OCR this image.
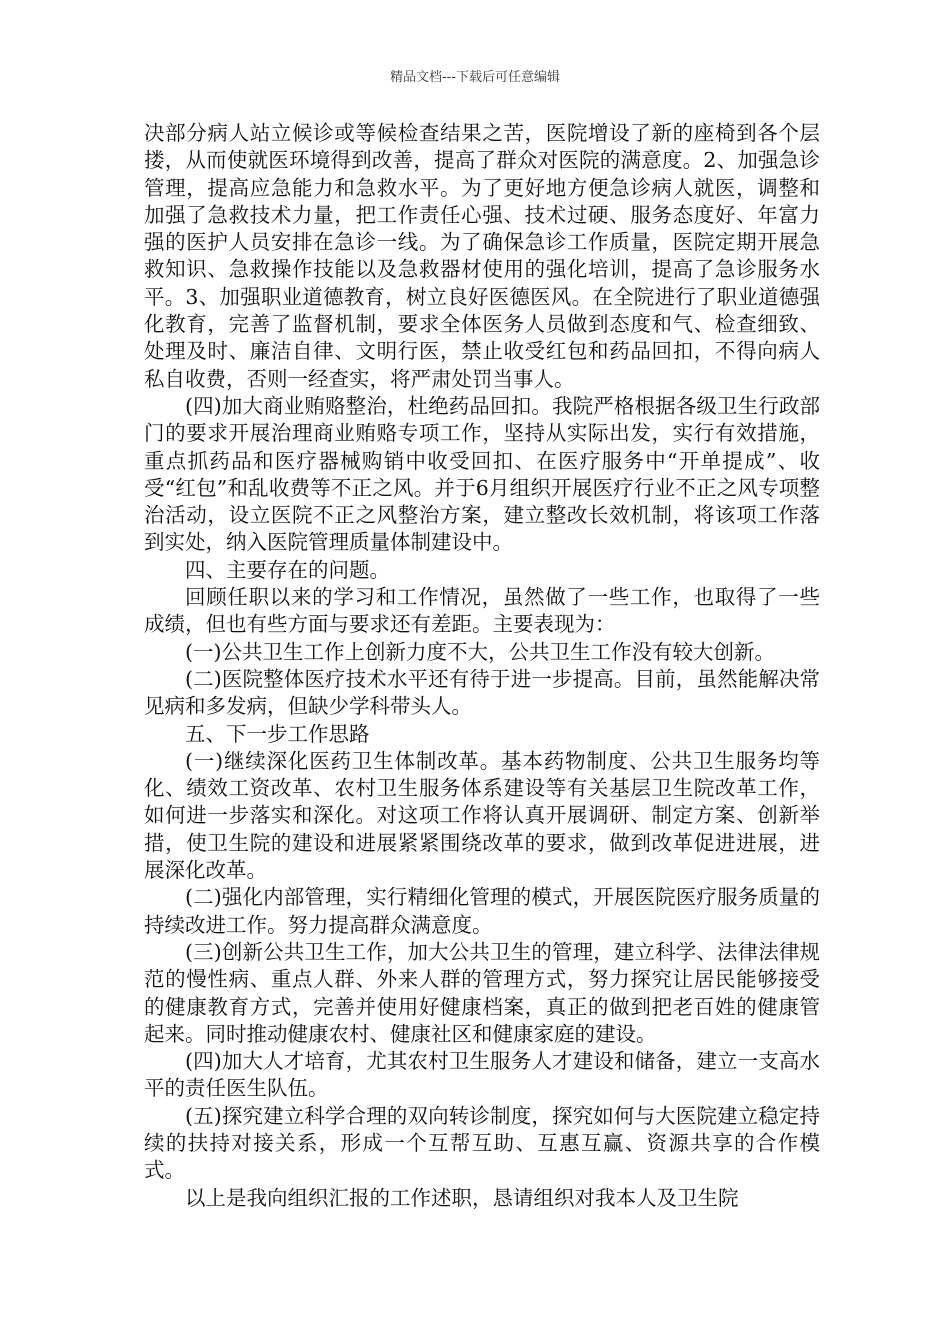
精品文档---下载后可任意编辑

决部分病人站立候诊或等候检查结果之苦，医院增设了新的座椅到各个层搂，从而使就医环境得到改善，提高了群众对医院的满意度。2、加强急诊管理，提高应急能力和急救水平。为了更好地方便急诊病人就医，调整和加强了急救技术力量，把工作责任心强、技术过硬、服务态度好、年富力强的医护人员安排在急诊一线。为了确保急诊工作质量，医院定期开展急救知识、急救操作技能以及急救器材使用的强化培训，提高了急诊服务水平。3、加强职业道德教育，树立良好医德医风。在全院进行了职业道德强化教育，完善了监督机制，要求全体医务人员做到态度和气、检查细致、处理及时、廉洁自律、文明行医，禁止收受红包和药品回扣，不得向病人私自收费，否则一经查实，将严肃处罚当事人。

(四)加大商业贿赂整治，杜绝药品回扣。我院严格根据各级卫生行政部门的要求开展治理商业贿赂专项工作，坚持从实际出发，实行有效措施，重点抓药品和医疗器械购销中收受回扣、在医疗服务中“开单提成”、收受“红包”和乱收费等不正之风。并于6月组织开展医疗行业不正之风专项整治活动，设立医院不正之风整治方案，建立整改长效机制，将该项工作落到实处，纳入医院管理质量体制建设中。

四、主要存在的问题。

回顾任职以来的学习和工作情况，虽然做了一些工作，也取得了一些成绩，但也有些方面与要求还有差距。主要表现为：

(一)公共卫生工作上创新力度不大，公共卫生工作没有较大创新。

(二)医院整体医疗技术水平还有待于进一步提高。目前，虽然能解决常见病和多发病，但缺少学科带头人。

五、下一步工作思路

(一)继续深化医药卫生体制改革。基本药物制度、公共卫生服务均等化、绩效工资改革、农村卫生服务体系建设等有关基层卫生院改革工作，如何进一步落实和深化。对这项工作将认真开展调研、制定方案、创新举措，使卫生院的建设和进展紧紧围绕改革的要求，做到改革促进进展，进展深化改革。

(二)强化内部管理，实行精细化管理的模式，开展医院医疗服务质量的持续改进工作。努力提高群众满意度。

(三)创新公共卫生工作，加大公共卫生的管理，建立科学、法律法律规范的慢性病、重点人群、外来人群的管理方式，努力探究让居民能够接受的健康教育方式，完善并使用好健康档案，真正的做到把老百姓的健康管起来。同时推动健康农村、健康社区和健康家庭的建设。

(四)加大人才培育，尤其农村卫生服务人才建设和储备，建立一支高水平的责任医生队伍。

(五)探究建立科学合理的双向转诊制度，探究如何与大医院建立稳定持续的扶持对接关系，形成一个互帮互助、互惠互赢、资源共享的合作模式。

以上是我向组织汇报的工作述职，恳请组织对我本人及卫生院
